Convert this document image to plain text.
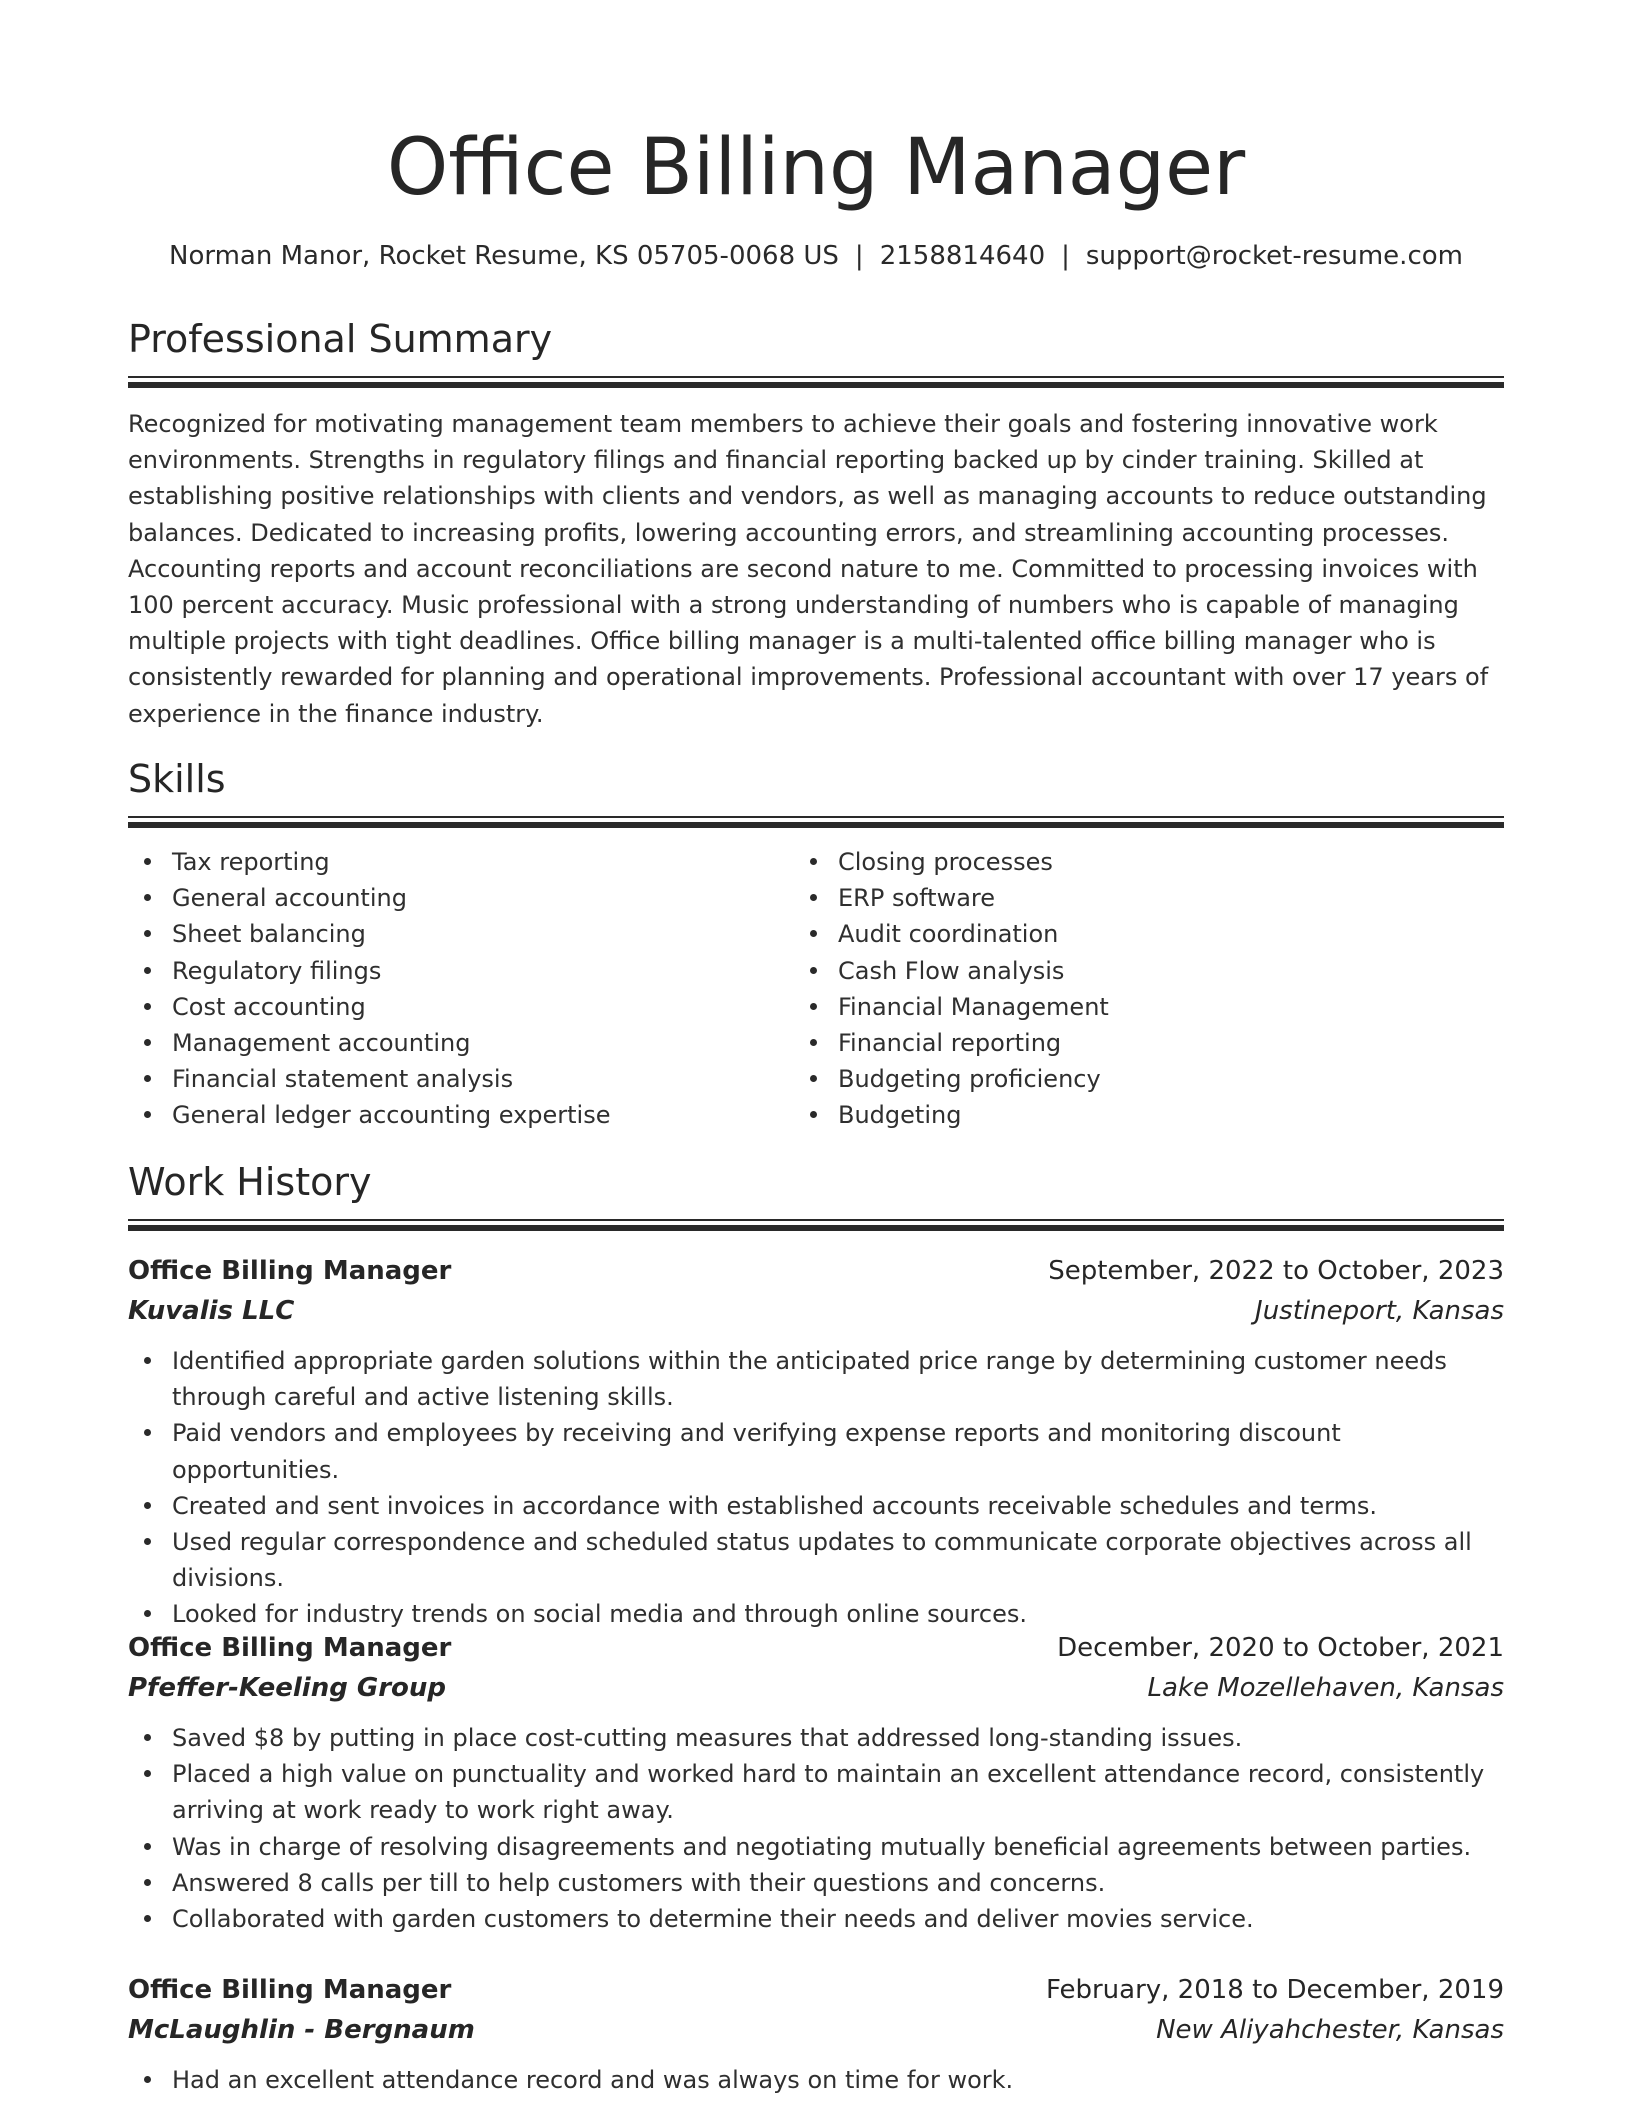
Office Billing Manager
Norman Manor, Rocket Resume, KS 05705-0068 US | 2158814640 | support@rocket-resume.com
Professional Summary

Recognized for motivating management team members to achieve their goals and fostering innovative work environments. Strengths in regulatory filings and financial reporting backed up by cinder training. Skilled at establishing positive relationships with clients and vendors, as well as managing accounts to reduce outstanding balances. Dedicated to increasing profits, lowering accounting errors, and streamlining accounting processes. Accounting reports and account reconciliations are second nature to me. Committed to processing invoices with 100 percent accuracy. Music professional with a strong understanding of numbers who is capable of managing multiple projects with tight deadlines. Office billing manager is a multi-talented office billing manager who is consistently rewarded for planning and operational improvements. Professional accountant with over 17 years of experience in the finance industry.

Skills
Tax reporting
General accounting
Sheet balancing
Regulatory filings
Cost accounting
Management accounting
Financial statement analysis
General ledger accounting expertise
Closing processes
ERP software
Audit coordination
Cash Flow analysis
Financial Management
Financial reporting
Budgeting proficiency
Budgeting
Work History
Office Billing Manager	September, 2022 to October, 2023
Kuvalis LLC	Justineport, Kansas
Identified appropriate garden solutions within the anticipated price range by determining customer needs through careful and active listening skills.
Paid vendors and employees by receiving and verifying expense reports and monitoring discount opportunities.
Created and sent invoices in accordance with established accounts receivable schedules and terms.
Used regular correspondence and scheduled status updates to communicate corporate objectives across all divisions.
Looked for industry trends on social media and through online sources.
Office Billing Manager	December, 2020 to October, 2021
Pfeffer-Keeling Group	Lake Mozellehaven, Kansas
Saved $8 by putting in place cost-cutting measures that addressed long-standing issues.
Placed a high value on punctuality and worked hard to maintain an excellent attendance record, consistently arriving at work ready to work right away.
Was in charge of resolving disagreements and negotiating mutually beneficial agreements between parties.
Answered 8 calls per till to help customers with their questions and concerns.
Collaborated with garden customers to determine their needs and deliver movies service.
Office Billing Manager	February, 2018 to December, 2019
McLaughlin - Bergnaum	New Aliyahchester, Kansas
Had an excellent attendance record and was always on time for work.
